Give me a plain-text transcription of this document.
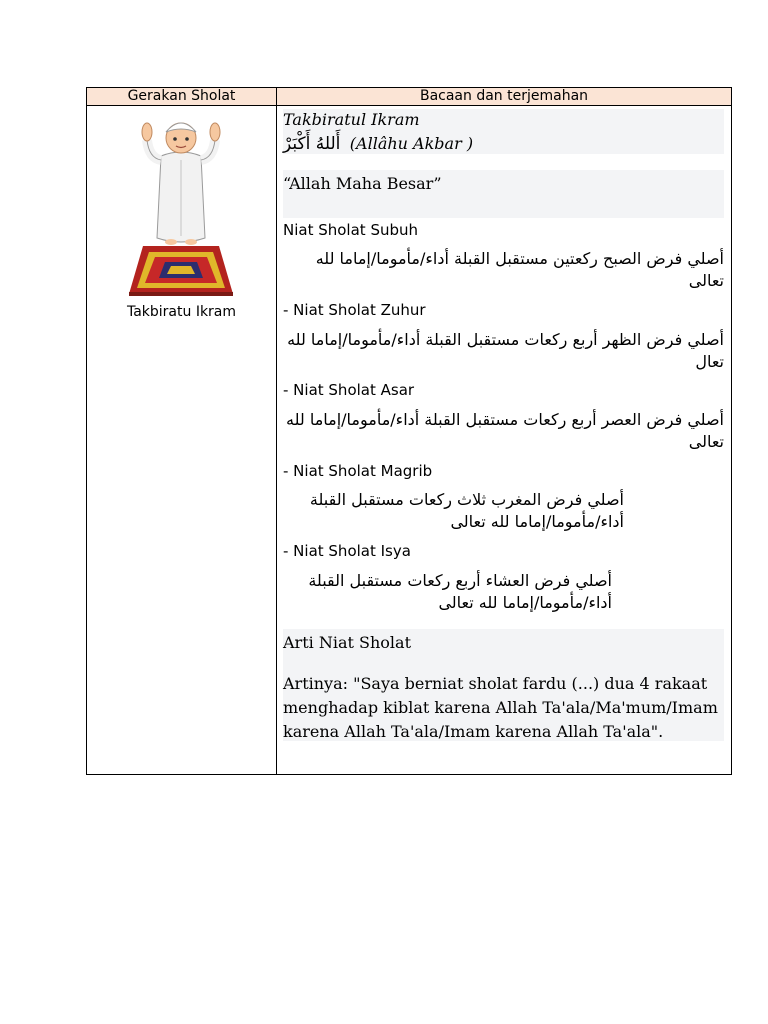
Gerakan Sholat	Bacaan dan terjemahan
Takbiratu Ikram
Takbiratul Ikram
أَللهُ أَكْبَرْ (Allâhu Akbar )
“Allah Maha Besar”
Niat Sholat Subuh
أصلي فرض الصبح ركعتين مستقبل القبلة أداء/مأموما/إماما لله تعالى
- Niat Sholat Zuhur
أصلي فرض الظهر أربع ركعات مستقبل القبلة أداء/مأموما/إماما لله تعال
- Niat Sholat Asar
أصلي فرض العصر أربع ركعات مستقبل القبلة أداء/مأموما/إماما لله تعالى
- Niat Sholat Magrib
أصلي فرض المغرب ثلاث ركعات مستقبل القبلة
أداء/مأموما/إماما لله تعالى
- Niat Sholat Isya
أصلي فرض العشاء أربع ركعات مستقبل القبلة
أداء/مأموما/إماما لله تعالى
Arti Niat Sholat
Artinya: "Saya berniat sholat fardu (...) dua 4 rakaat
menghadap kiblat karena Allah Ta'ala/Ma'mum/Imam
karena Allah Ta'ala/Imam karena Allah Ta'ala".
